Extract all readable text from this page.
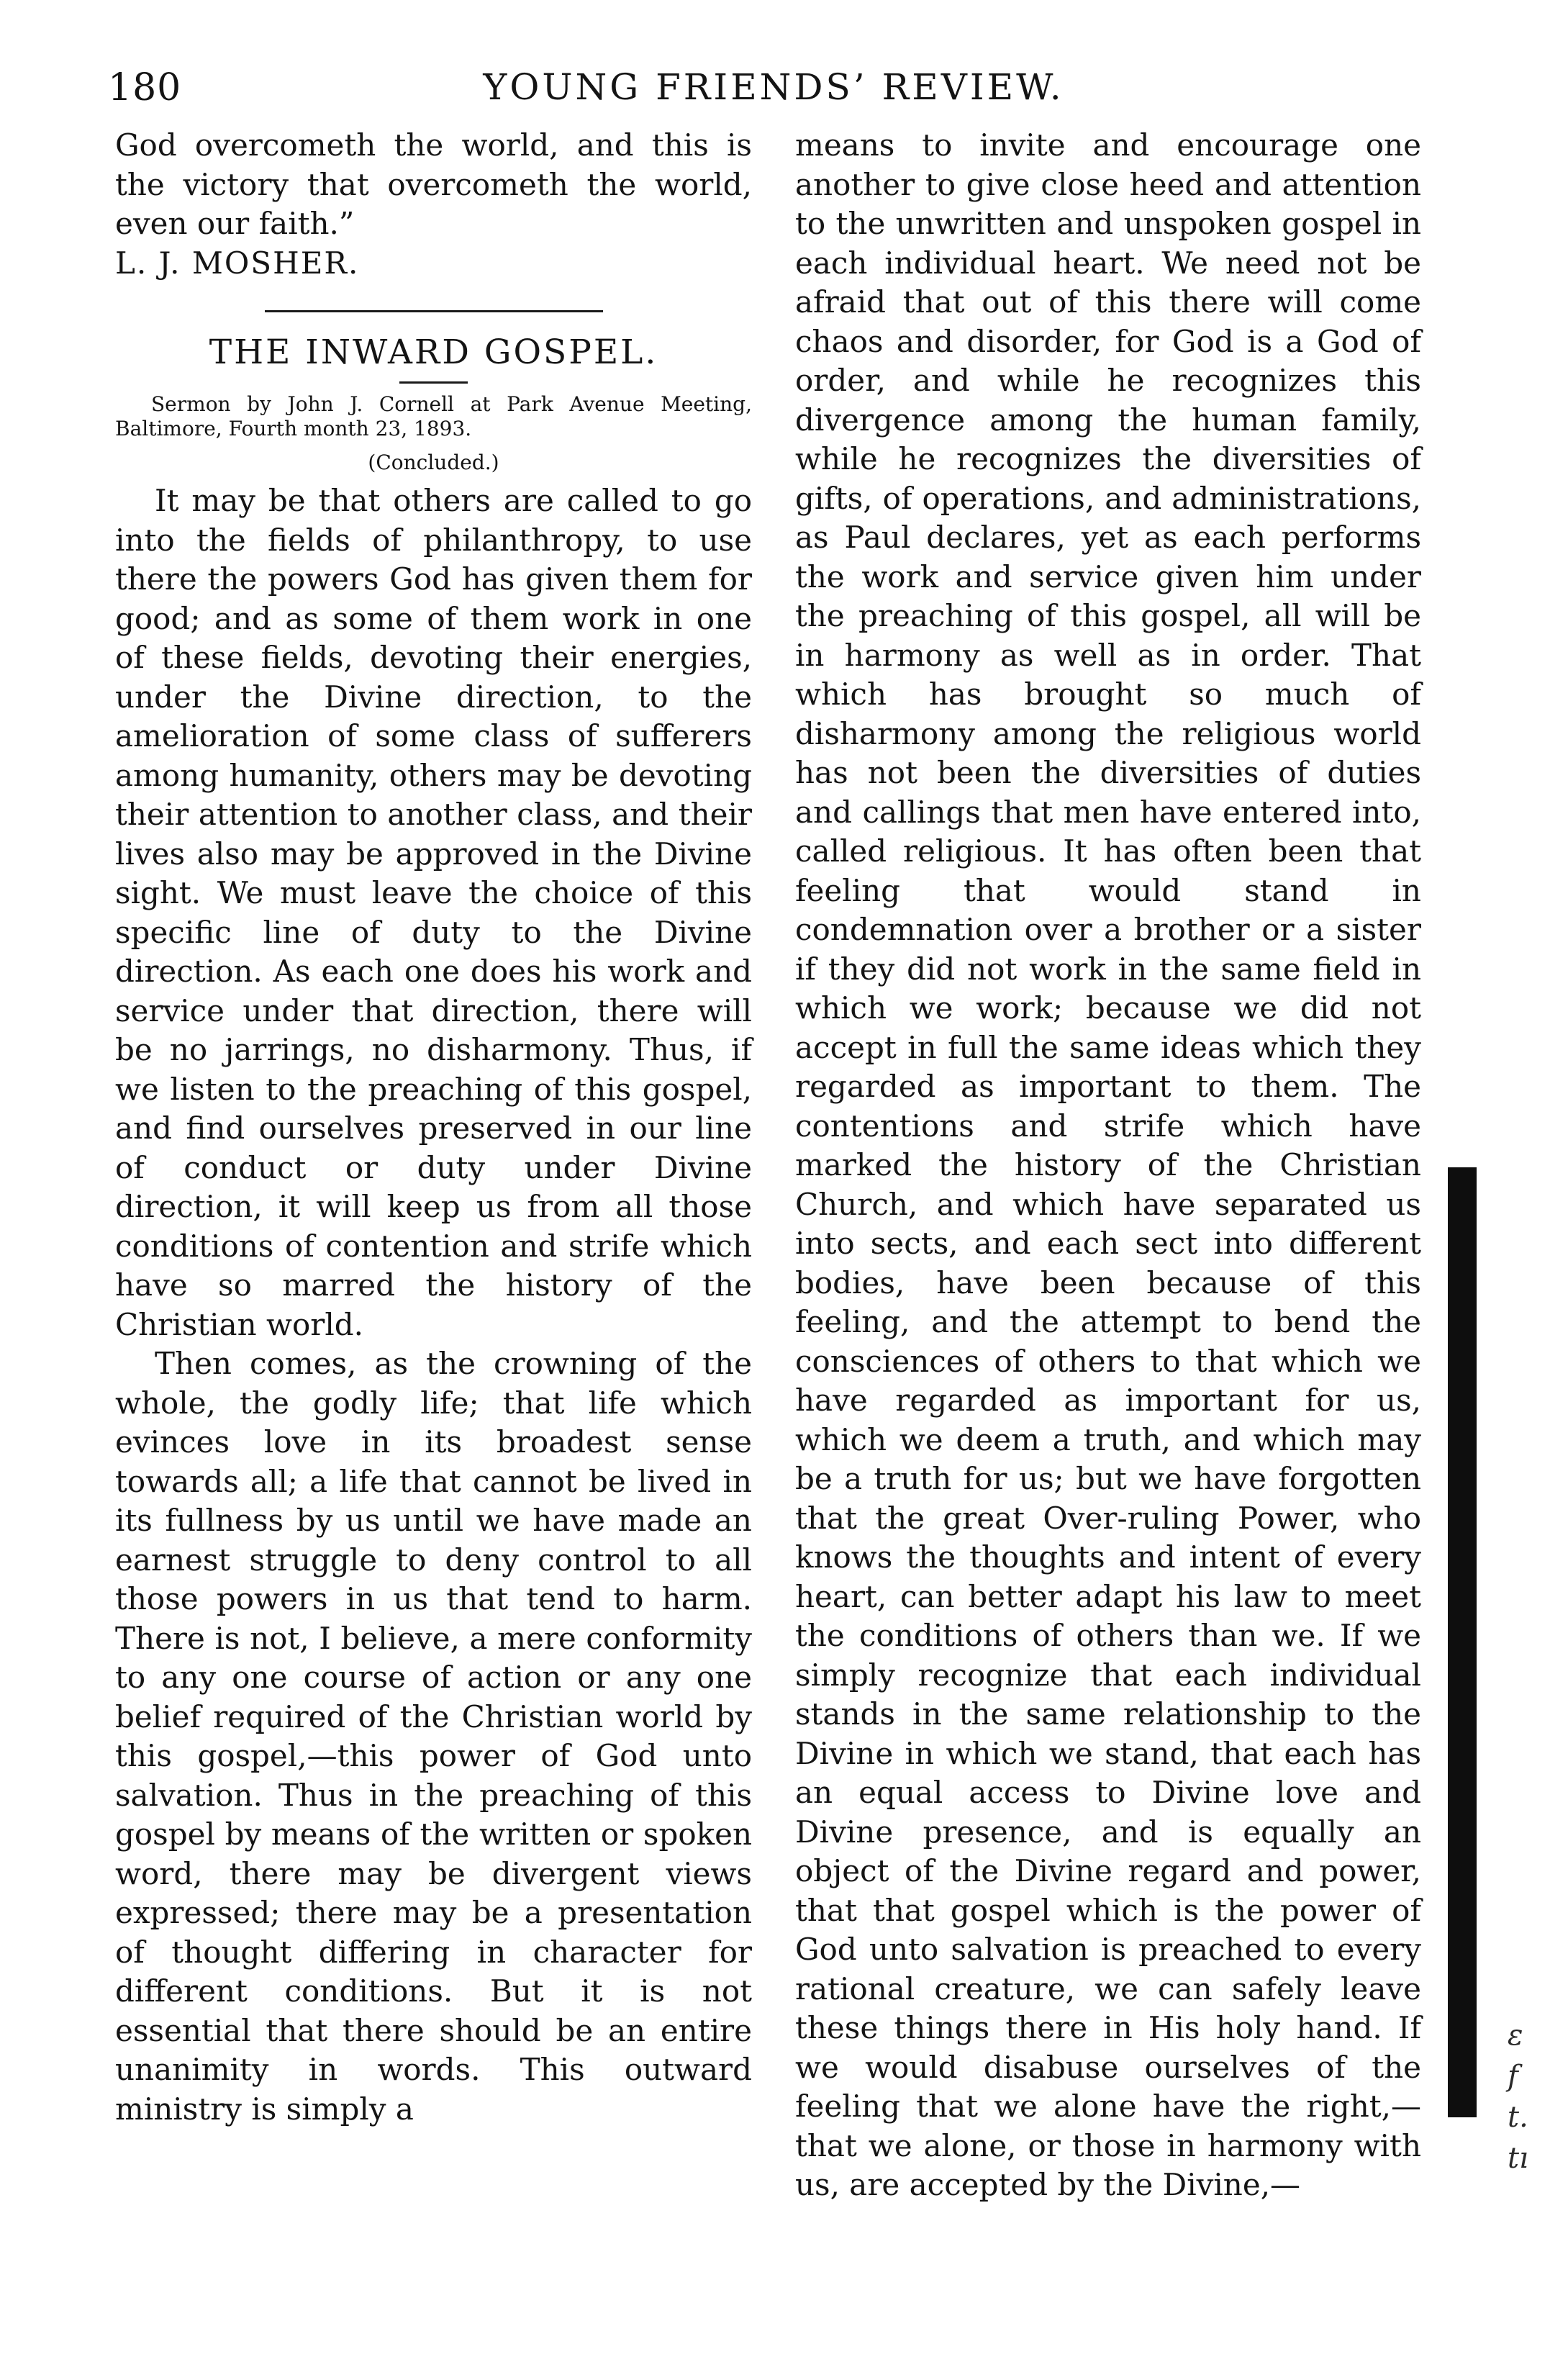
180	YOUNG FRIENDS’ REVIEW.

God overcometh the world, and this is the victory that overcometh the world, even our faith.”

L. J. MOSHER.

THE INWARD GOSPEL.

Sermon by John J. Cornell at Park Avenue Meeting, Baltimore, Fourth month 23, 1893.

(Concluded.)

It may be that others are called to go into the fields of philanthropy, to use there the powers God has given them for good; and as some of them work in one of these fields, devoting their energies, under the Divine direction, to the amelioration of some class of sufferers among humanity, others may be devoting their attention to another class, and their lives also may be approved in the Divine sight. We must leave the choice of this specific line of duty to the Divine direction. As each one does his work and service under that direction, there will be no jarrings, no disharmony. Thus, if we listen to the preaching of this gospel, and find ourselves preserved in our line of conduct or duty under Divine direction, it will keep us from all those conditions of contention and strife which have so marred the history of the Christian world.

Then comes, as the crowning of the whole, the godly life; that life which evinces love in its broadest sense towards all; a life that cannot be lived in its fullness by us until we have made an earnest struggle to deny control to all those powers in us that tend to harm. There is not, I believe, a mere conformity to any one course of action or any one belief required of the Christian world by this gospel,—this power of God unto salvation. Thus in the preaching of this gospel by means of the written or spoken word, there may be divergent views expressed; there may be a presentation of thought differing in character for different conditions. But it is not essential that there should be an entire unanimity in words. This outward ministry is simply a

means to invite and encourage one another to give close heed and attention to the unwritten and unspoken gospel in each individual heart. We need not be afraid that out of this there will come chaos and disorder, for God is a God of order, and while he recognizes this divergence among the human family, while he recognizes the diversities of gifts, of operations, and administrations, as Paul declares, yet as each performs the work and service given him under the preaching of this gospel, all will be in harmony as well as in order. That which has brought so much of disharmony among the religious world has not been the diversities of duties and callings that men have entered into, called religious. It has often been that feeling that would stand in condemnation over a brother or a sister if they did not work in the same field in which we work; because we did not accept in full the same ideas which they regarded as important to them. The contentions and strife which have marked the history of the Christian Church, and which have separated us into sects, and each sect into different bodies, have been because of this feeling, and the attempt to bend the consciences of others to that which we have regarded as important for us, which we deem a truth, and which may be a truth for us; but we have forgotten that the great Over-ruling Power, who knows the thoughts and intent of every heart, can better adapt his law to meet the conditions of others than we. If we simply recognize that each individual stands in the same relationship to the Divine in which we stand, that each has an equal access to Divine love and Divine presence, and is equally an object of the Divine regard and power, that that gospel which is the power of God unto salvation is preached to every rational creature, we can safely leave these things there in His holy hand. If we would disabuse ourselves of the feeling that we alone have the right,— that we alone, or those in harmony with us, are accepted by the Divine,—

ɛ
f
t.
tı
